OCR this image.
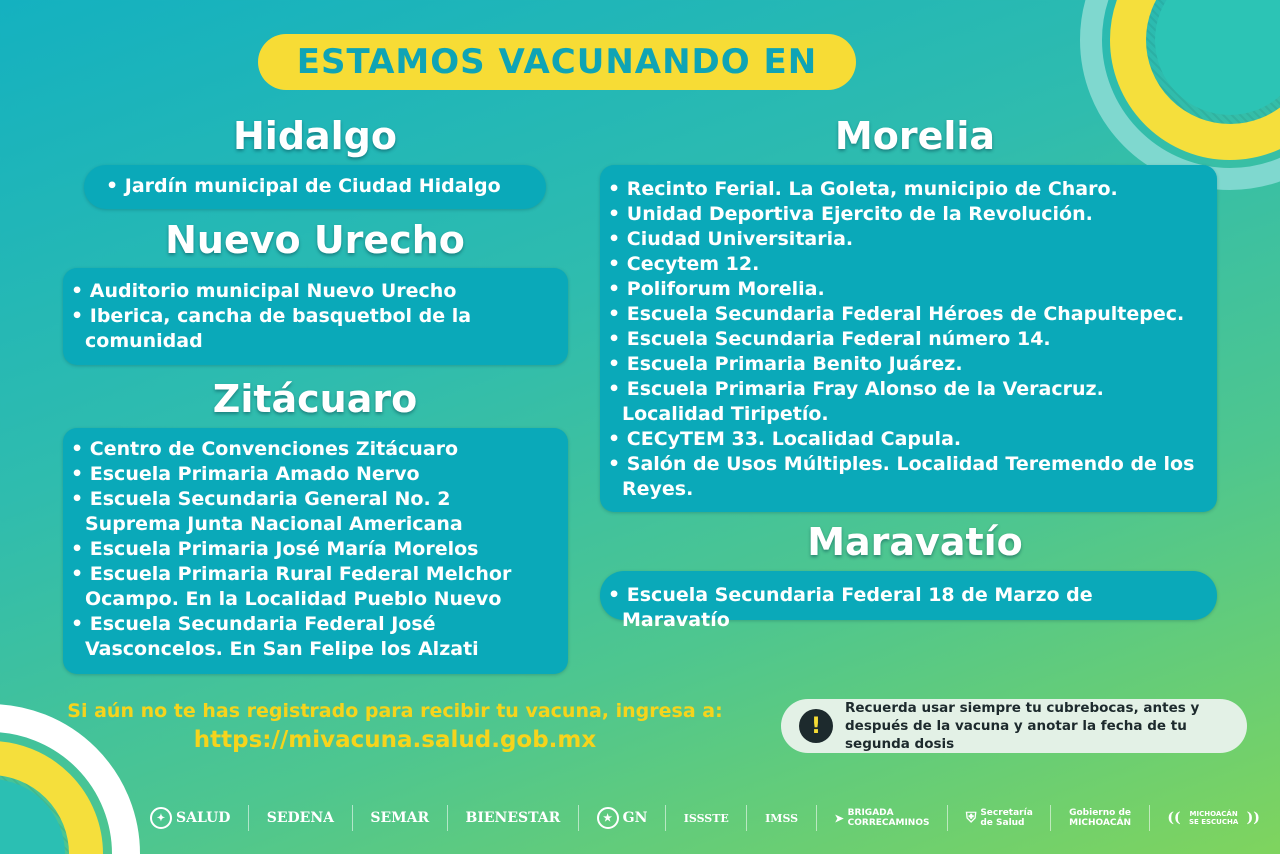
ESTAMOS VACUNANDO EN
Hidalgo
• Jardín municipal de Ciudad Hidalgo
Nuevo Urecho
• Auditorio municipal Nuevo Urecho
• Iberica, cancha de basquetbol de la comunidad
Zitácuaro
• Centro de Convenciones Zitácuaro
• Escuela Primaria Amado Nervo
• Escuela Secundaria General No. 2 Suprema Junta Nacional Americana
• Escuela Primaria José María Morelos
• Escuela Primaria Rural Federal Melchor Ocampo. En la Localidad Pueblo Nuevo
• Escuela Secundaria Federal José Vasconcelos. En San Felipe los Alzati
Morelia
• Recinto Ferial. La Goleta, municipio de Charo.
• Unidad Deportiva Ejercito de la Revolución.
• Ciudad Universitaria.
• Cecytem 12.
• Poliforum Morelia.
• Escuela Secundaria Federal Héroes de Chapultepec.
• Escuela Secundaria Federal número 14.
• Escuela Primaria Benito Juárez.
• Escuela Primaria Fray Alonso de la Veracruz. Localidad Tiripetío.
• CECyTEM 33. Localidad Capula.
• Salón de Usos Múltiples. Localidad Teremendo de los Reyes.
Maravatío
• Escuela Secundaria Federal 18 de Marzo de Maravatío
Si aún no te has registrado para recibir tu vacuna, ingresa a:
https://mivacuna.salud.gob.mx
!
Recuerda usar siempre tu cubrebocas, antes y después de la vacuna y anotar la fecha de tu segunda dosis
✦ SALUD	SEDENA	SEMAR	BIENESTAR	★ GN	ISSSTE	IMSS	➤ BRIGADA
CORRECAMINOS	⛨ Secretaría
de Salud
Gobierno de
MICHOACÁN	((	MICHOACÁN SE ESCUCHA ))
